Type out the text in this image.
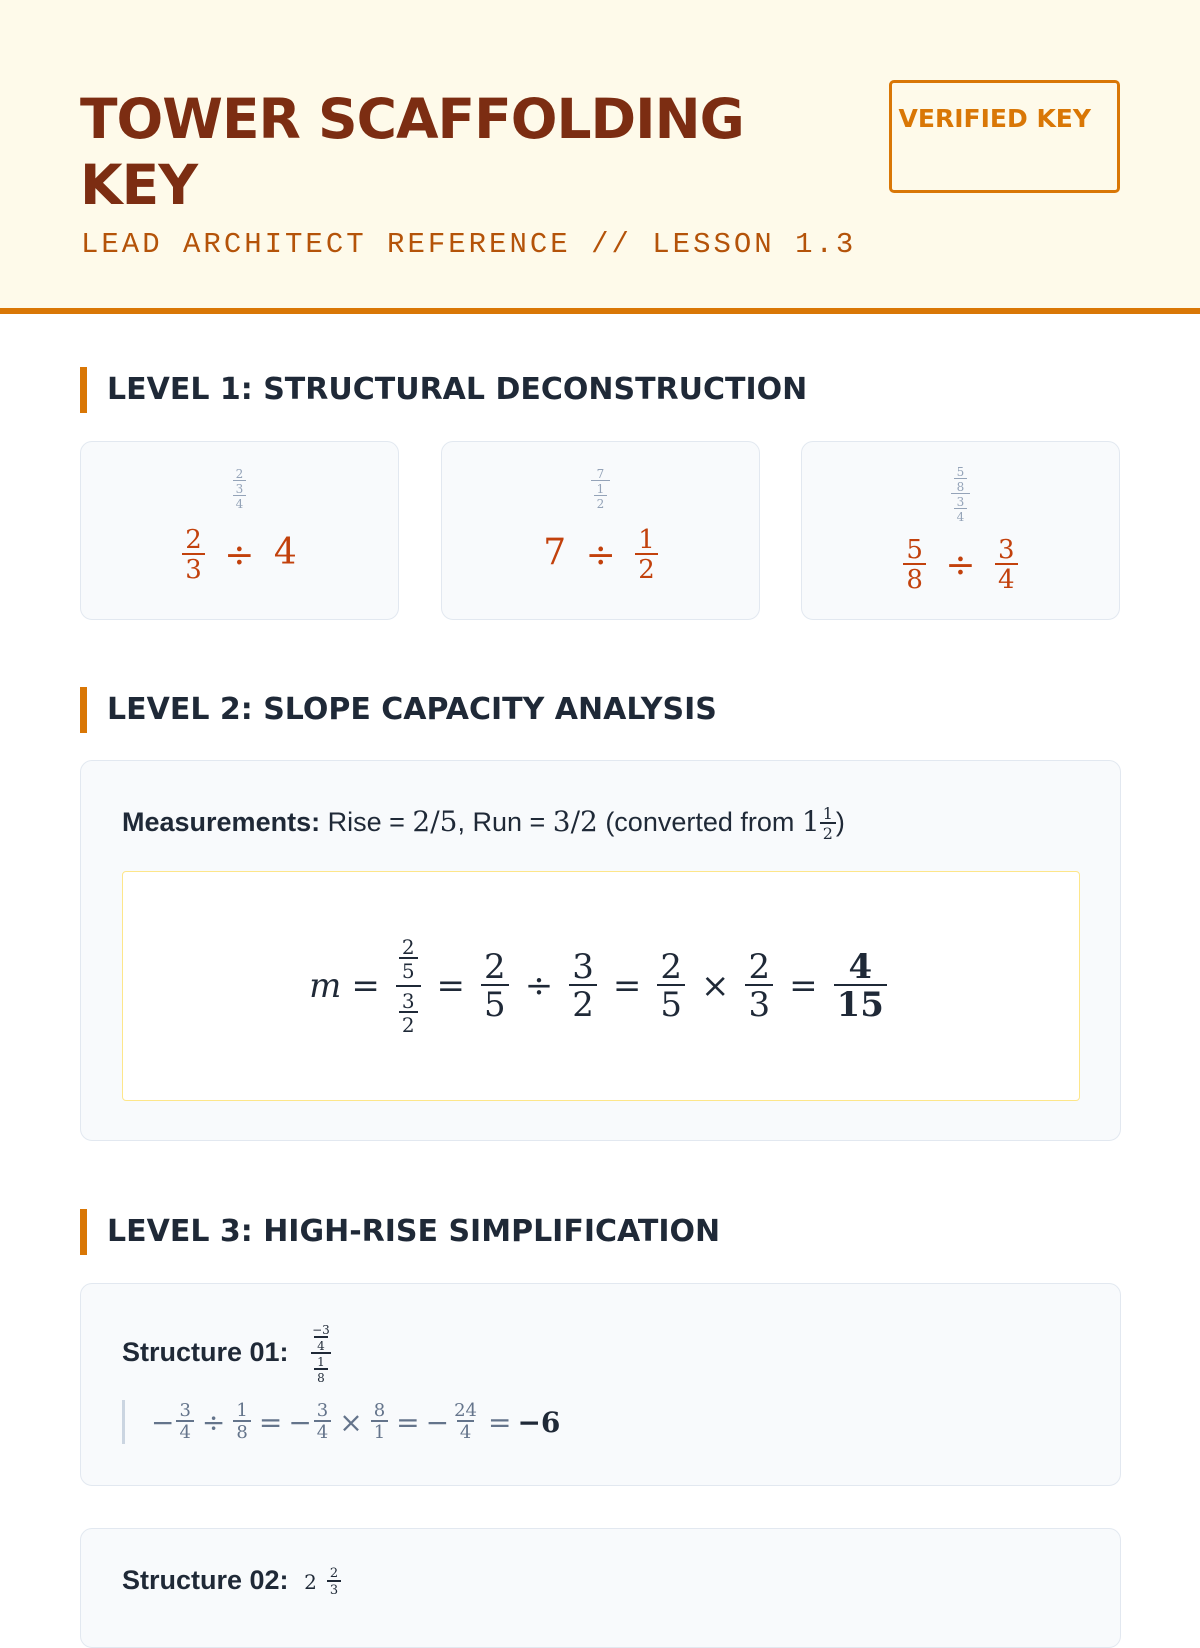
TOWER SCAFFOLDING KEY
LEAD ARCHITECT REFERENCE // LESSON 1.3
VERIFIED KEY
LEVEL 1: STRUCTURAL DECONSTRUCTION
$\frac{\frac{2}{3}}{4}$
$\frac{2}{3} \div 4$
$\frac{7}{\frac{1}{2}}$
$7 \div \frac{1}{2}$
$\frac{\frac{5}{8}}{\frac{3}{4}}$
$\frac{5}{8} \div \frac{3}{4}$
LEVEL 2: SLOPE CAPACITY ANALYSIS
Measurements: Rise = 2/5, Run = 3/2 (converted from $1 \frac{1}{2}$ )
$m = \frac{\frac{2}{5}}{\frac{3}{2}} = \frac{2}{5} \div \frac{3}{2} = \frac{2}{5} \times \frac{2}{3} = \frac{4}{15}$
LEVEL 3: HIGH-RISE SIMPLIFICATION
Structure 01: $\frac{\frac{-3}{4}}{\frac{1}{8}}$
− $\frac{3}{4} \div \frac{1}{8}$ = − $\frac{3}{4} \times \frac{8}{1}$ = − $\frac{24}{4} = -6$
Structure 02: $2 \frac{2}{3}$
